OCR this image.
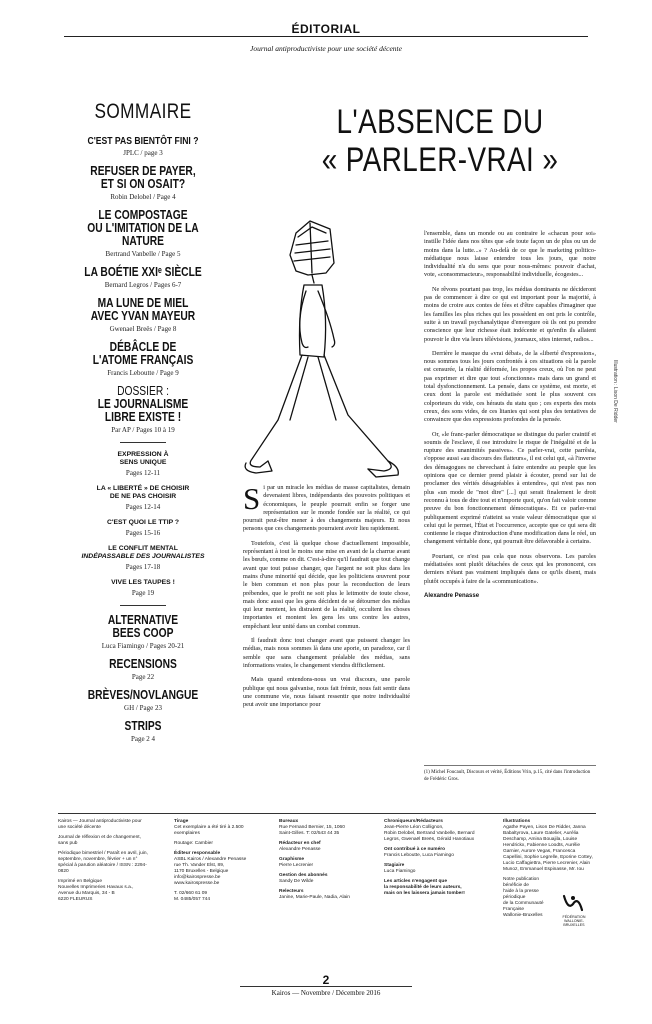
ÉDITORIAL
Journal antiproductiviste pour une société décente
SOMMAIRE
C'EST PAS BIENTÔT FINI ?
JPLC / page 3
REFUSER DE PAYER,
ET SI ON OSAIT?
Robin Delobel / Page 4
LE COMPOSTAGE
OU L'IMITATION DE LA NATURE
Bertrand Vanbelle / Page 5
LA BOÉTIE XXIᵉ SIÈCLE
Bernard Legros / Pages 6-7
MA LUNE DE MIEL
AVEC YVAN MAYEUR
Gwenael Breës / Page 8
DÉBÂCLE DE
L'ATOME FRANÇAIS
Francis Leboutte / Page 9
DOSSIER :
LE JOURNALISME
LIBRE EXISTE !
Par AP / Pages 10 à 19
EXPRESSION À
SENS UNIQUE
Pages 12-11
LA « LIBERTÉ » DE CHOISIR
DE NE PAS CHOISIR
Pages 12-14
C'EST QUOI LE TTIP ?
Pages 15-16
LE CONFLIT MENTAL
INDÉPASSABLE DES JOURNALISTES
Pages 17-18
VIVE LES TAUPES !
Page 19
ALTERNATIVE
BEES COOP
Luca Fiamingo / Pages 20-21
RECENSIONS
Page 22
BRÈVES/NOVLANGUE
GH / Page 23
STRIPS
Page 2 4
L'ABSENCE DU
« PARLER-VRAI »
Illustration : Lison De Ridder

Si par un miracle les médias de masse capitalistes, demain devenaient libres, indépendants des pouvoirs politiques et économiques, le peuple pourrait enfin se forger une représentation sur le monde fondée sur la réalité, ce qui pourrait peut-être mener à des changements majeurs. Et nous pensons que ces changements pourraient avoir lieu rapidement.

Toutefois, c'est là quelque chose d'actuellement impossible, représentant à tout le moins une mise en avant de la charrue avant les bœufs, comme on dit. C'est-à-dire qu'il faudrait que tout change avant que tout puisse changer, que l'argent ne soit plus dans les mains d'une minorité qui décide, que les politiciens œuvrent pour le bien commun et non plus pour la reconduction de leurs prébendes, que le profit ne soit plus le leitmotiv de toute chose, mais donc aussi que les gens décident de se détourner des médias qui leur mentent, les distraient de la réalité, occultent les choses importantes et montent les gens les uns contre les autres, empêchant leur unité dans un combat commun.

Il faudrait donc tout changer avant que puissent changer les médias, mais nous sommes là dans une aporie, un paradoxe, car il semble que sans changement préalable des médias, sans informations vraies, le changement viendra difficilement.

Mais quand entendons-nous un vrai discours, une parole publique qui nous galvanise, nous fait frémir, nous fait sentir dans une commune vie, nous faisant ressentir que notre individualité peut avoir une importance pour

l'ensemble, dans un monde ou au contraire le «chacun pour soi» instille l'idée dans nos têtes que «de toute façon un de plus ou un de moins dans la lutte...» ? Au-delà de ce que le marketing politico-médiatique nous laisse entendre tous les jours, que notre individualité n'a du sens que pour nous-mêmes: pouvoir d'achat, vote, «consommacteur», responsabilité individuelle, écogestes...

Ne rêvons pourtant pas trop, les médias dominants ne décideront pas de commencer à dire ce qui est important pour la majorité, à moins de croire aux contes de fées et d'être capables d'imaginer que les familles les plus riches qui les possèdent en ont pris le contrôle, suite à un travail psychanalytique d'envergure où ils ont pu prendre conscience que leur richesse était indécente et qu'enfin ils allaient pouvoir le dire via leurs télévisions, journaux, sites internet, radios...

Derrière le masque du «vrai débat», de la «liberté d'expression», nous sommes tous les jours confrontés à ces situations où la parole est censurée, la réalité déformée, les propos creux, où l'on ne peut pas exprimer et dire que tout «fonctionne» mais dans un grand et total dysfonctionnement. La pensée, dans ce système, est morte, et ceux dont la parole est médiatisée sont le plus souvent ces colporteurs du vide, ces hérauts du statu quo ; ces experts des mots creux, des sons vides, de ces litanies qui sont plus des tentatives de convaincre que des expressions profondes de la pensée.

Or, «le franc-parler démocratique se distingue du parler craintif et soumis de l'esclave, il ose introduire le risque de l'inégalité et de la rupture des unanimités passives». Ce parler-vrai, cette parrêsia, s'oppose aussi «au discours des flatteurs», il est celui qui, «à l'inverse des démagogues ne chevechant à faire entendre au peuple que les opinions que ce dernier prend plaisir à écouter, prend sur lui de proclamer des vérités désagréables à entendre», qui n'est pas non plus «un mode de "mot dire" [...] qui serait finalement le droit reconnu à tous de dire tout et n'importe quoi, qu'on fait valoir comme preuve du bon fonctionnement démocratique». Et ce parler-vrai publiquement exprimé n'atteint sa vraie valeur démocratique que si celui qui le permet, l'État et l'occurrence, accepte que ce qui sera dit contienne le risque d'introduction d'une modification dans le réel, un changement véritable donc, qui pourrait être défavorable à certains.

Pourtant, ce n'est pas cela que nous observons. Les paroles médiatisées sont plutôt détachées de ceux qui les prononcent, ces derniers n'étant pas vraiment impliqués dans ce qu'ils disent, mais plutôt occupés à faire de la «communication».

Alexandre Penasse
(1) Michel Foucault, Discours et vérité, Éditions Vrin, p.15, cité dans l'introduction de Frédéric Gros.
Kairos — Journal antiproductiviste pour une société décente
Journal de réflexion et de changement, sans pub
Périodique bimestriel / Paraît en avril, juin, septembre, novembre, février + un n° spécial à parution aléatoire / ISSN : 2294-0820
Imprimé en Belgique
Nouvelles Imprimeries Havaux s.a., Avenue du Marquis, 34 - B
6220 FLEURUS
Tirage
Cet exemplaire a été tiré à 2.500 exemplaires
Routage: Cambier
Éditeur responsable
ASBL Kairos / Alexandre Penasse
rue Th. Vander Elst, 89,
1170 Bruxelles - Belgique
info@kairospresse.be
www.kairospresse.be
T. 02/660 61 09
M. 0485/057 744
Bureaux
Rue Fernand Bernier, 15, 1060
Saint-Gilles. T: 02/543 44 35
Rédacteur en chef
Alexandre Penasse
Graphisme
Pierre Lecrenier
Gestion des abonnés
Sandy De Wilde
Relecteurs
Janine, Marie-Paule, Nadia, Alain
Chroniqueurs/Rédacteurs
Jean-Pierre Léon Collignon,
Robin Delobel, Bertrand Vanbelle, Bernard
Legros, Gwenaël Breës, Gérald Hanotiaux
Ont contribué à ce numéro
Francis Leboutte, Luca Fiamingo
Stagiaire
Luca Fiamingo
Les articles n'engagent que
la responsabilité de leurs auteurs,
mais on les laissera jamais tomber!
Illustrations
Agathe Payen, Lison De Ridder, Janna
Babaltyrova, Laure Gatelier, Aurélia
Deschamp, Amina Bouajila, Louise
Hendrickx, Fabienne Loodts, Aurélie
Garnier, Aurore Vegas, Francesca
Capellini, Sophie Legrelle, Eporine Cottey,
Lucio Caffagiettra, Pierre Lecrenier, Alain
Munoz, Emmanuel Espinasse, Mr. Iou
Notre publication bénéficie de
l'aide à la presse périodique
de la Communauté Française
Wallonie-Bruxelles	FÉDÉRATION WALLONIE-BRUXELLES
2
Kairos — Novembre / Décembre 2016
